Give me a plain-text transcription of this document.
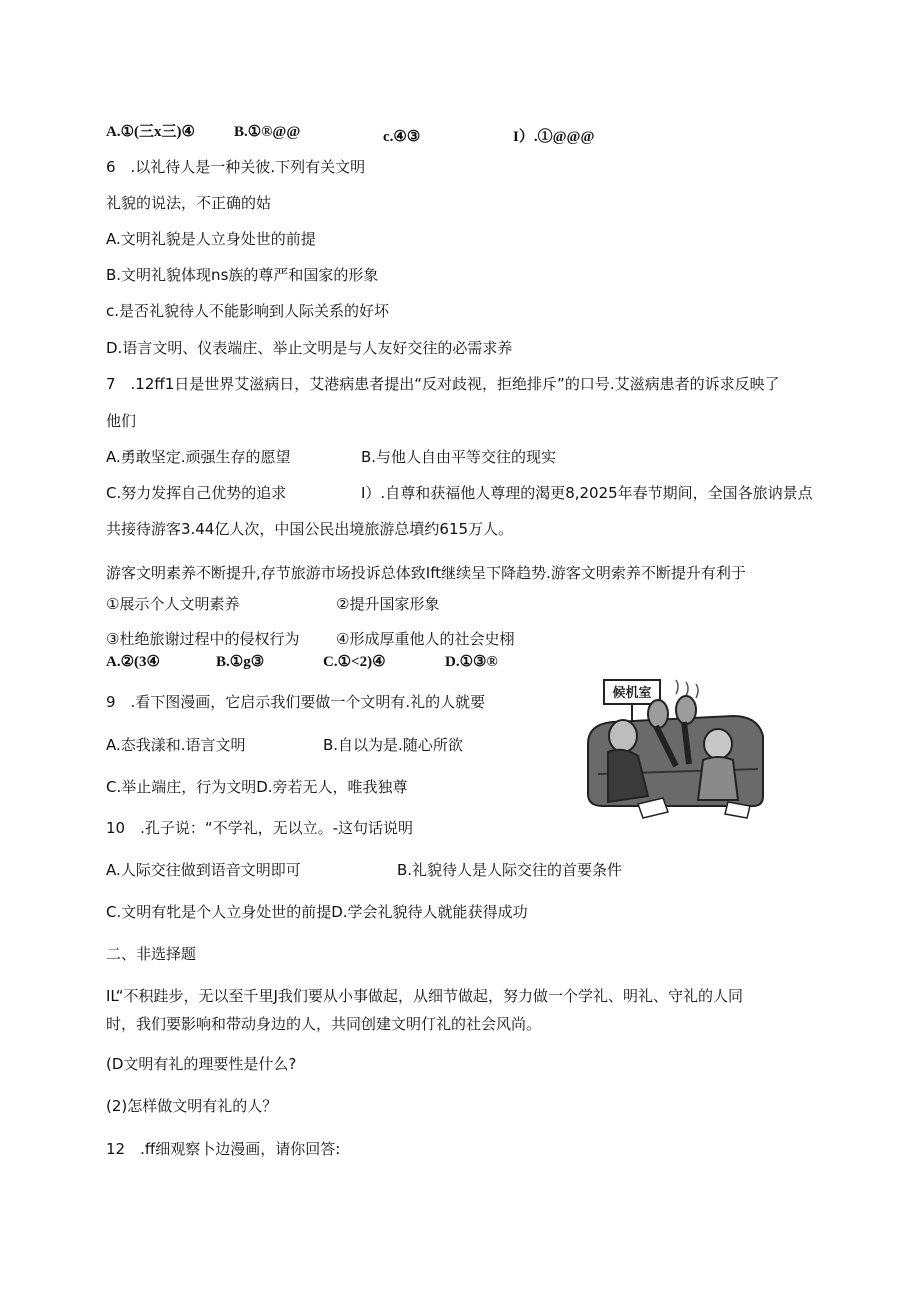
A.①(三x三)④	B.①®@@	c.④③	I）.①@@@
6　.以礼待人是一种关彼.下列有关文明
礼貌的说法，不正确的姑
A.文明礼貌是人立身处世的前提
B.文明礼貌体现ns族的尊严和国家的形象
c.是否礼貌待人不能影响到人际关系的好坏
D.语言文明、仪表端庄、举止文明是与人友好交往的必需求养
7　.12ff1日是世界艾滋病日，艾港病患者提出“反对歧视，拒绝排斥”的口号.艾滋病患者的诉求反映了
他们
A.勇敢坚定.顽强生存的愿望	B.与他人自由平等交往的现实
C.努力发挥自己优势的追求	I）.自尊和获福他人尊理的渴更8,2025年春节期间，全国各旅讷景点
共接待游客3.44亿人次，中国公民出境旅游总墳约615万人。
游客文明素养不断提升,存节旅游市场投诉总体致Ift继续呈下降趋势.游客文明索养不断提升有利于
①展示个人文明素养	②提升国家形象
③杜绝旅谢过程中的侵权行为 ④形成厚重他人的社会史栩
A.②(3④	B.①g③	C.①<2)④	D.①③®
9　.看下图漫画，它启示我们要做一个文明有.礼的人就要
A.态我漾和.语言文明	B.自以为是.随心所欲
C.举止端庄，行为文明D.旁若无人，唯我独尊
候机室
10　.孔子说：“不学礼，无以立。-这句话说明
A.人际交往做到语音文明即可	B.礼貌待人是人际交往的首要条件
C.文明有牝是个人立身处世的前提D.学会礼貌待人就能获得成功
二、非选择题
IL“不积跬步，无以至千里J我们要从小事做起，从细节做起，努力做一个学礼、明礼、守礼的人同
时，我们要影响和带动身边的人，共同创建文明仃礼的社会风尚。
(D文明有礼的理要性是什么?
(2)怎样做文明有礼的人？
12　.ff细观察卜边漫画，请你回答:
